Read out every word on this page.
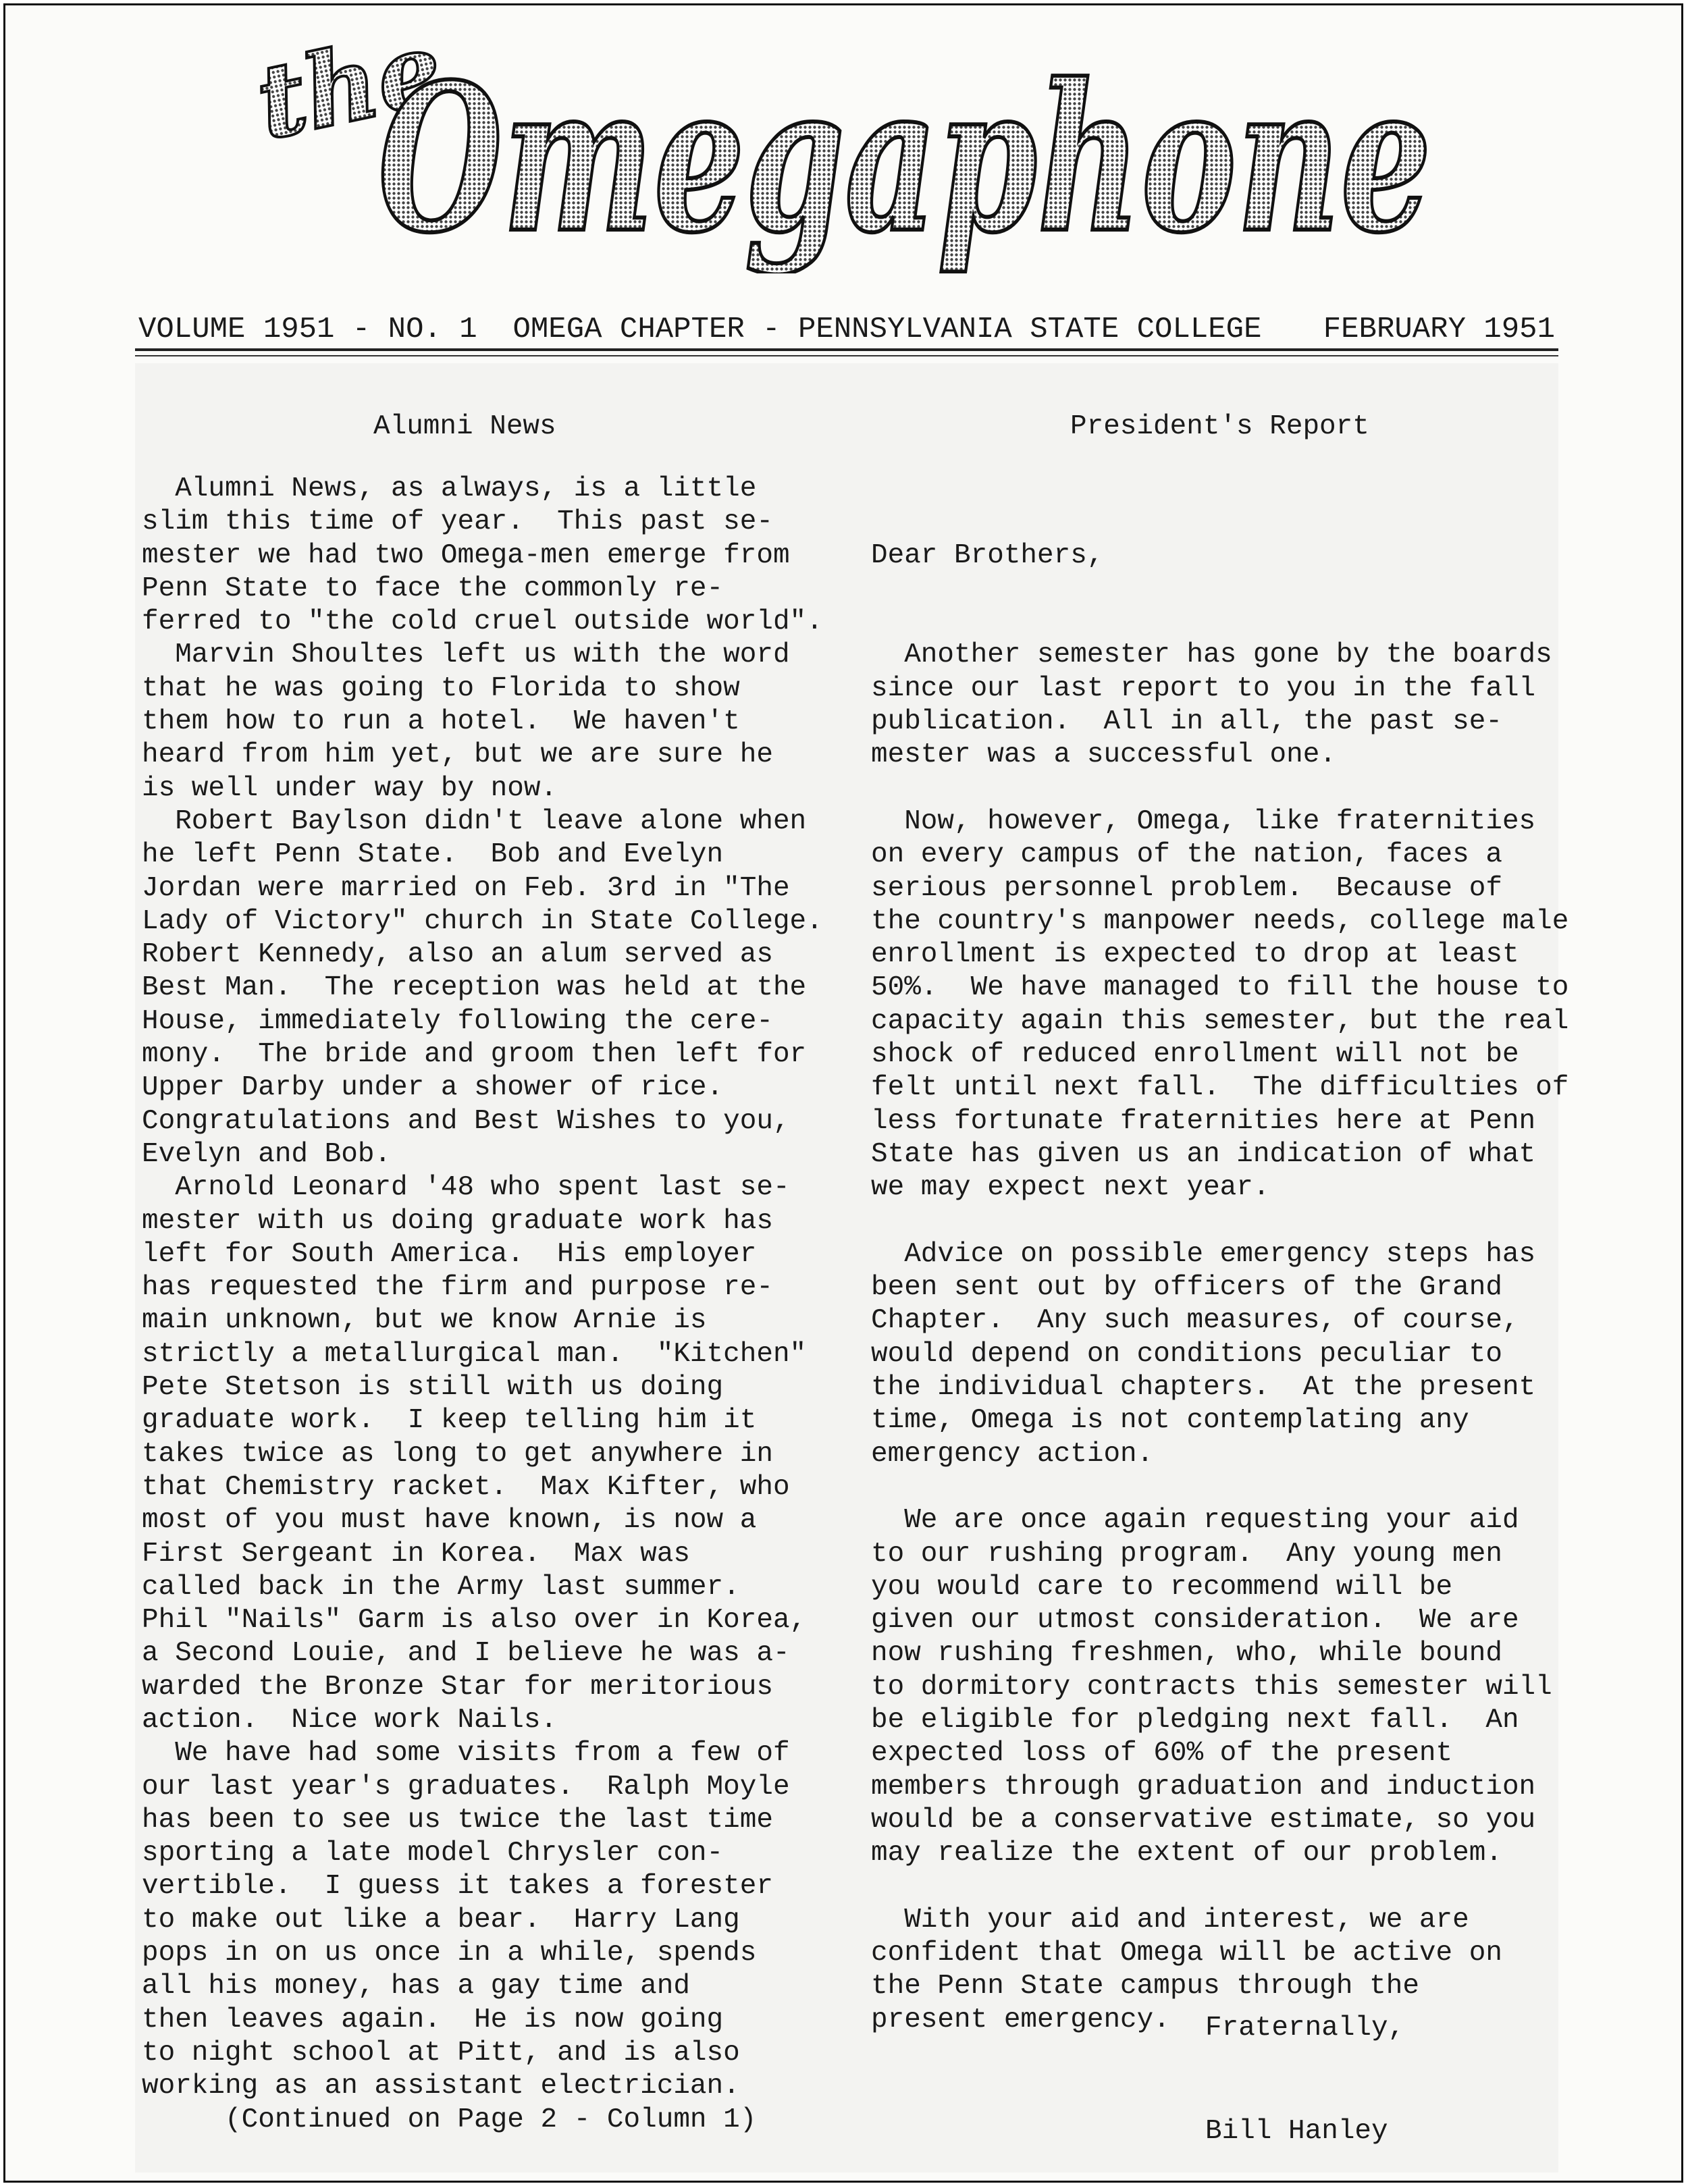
the
Omegaphone

VOLUME 1951 - NO. 1  OMEGA CHAPTER - PENNSYLVANIA STATE COLLEGE

FEBRUARY 1951

Alumni News	President's Report

Alumni News, as always, is a little

slim this time of year.  This past se-

mester we had two Omega-men emerge from

Penn State to face the commonly re-

ferred to "the cold cruel outside world".

Marvin Shoultes left us with the word

that he was going to Florida to show

them how to run a hotel.  We haven't

heard from him yet, but we are sure he

is well under way by now.

Robert Baylson didn't leave alone when

he left Penn State.  Bob and Evelyn

Jordan were married on Feb. 3rd in "The

Lady of Victory" church in State College.

Robert Kennedy, also an alum served as

Best Man.  The reception was held at the

House, immediately following the cere-

mony.  The bride and groom then left for

Upper Darby under a shower of rice.

Congratulations and Best Wishes to you,

Evelyn and Bob.

Arnold Leonard '48 who spent last se-

mester with us doing graduate work has

left for South America.  His employer

has requested the firm and purpose re-

main unknown, but we know Arnie is

strictly a metallurgical man.  "Kitchen"

Pete Stetson is still with us doing

graduate work.  I keep telling him it

takes twice as long to get anywhere in

that Chemistry racket.  Max Kifter, who

most of you must have known, is now a

First Sergeant in Korea.  Max was

called back in the Army last summer.

Phil "Nails" Garm is also over in Korea,

a Second Louie, and I believe he was a-

warded the Bronze Star for meritorious

action.  Nice work Nails.

We have had some visits from a few of

our last year's graduates.  Ralph Moyle

has been to see us twice the last time

sporting a late model Chrysler con-

vertible.  I guess it takes a forester

to make out like a bear.  Harry Lang

pops in on us once in a while, spends

all his money, has a gay time and

then leaves again.  He is now going

to night school at Pitt, and is also

working as an assistant electrician.

(Continued on Page 2 - Column 1)

Dear Brothers,

Another semester has gone by the boards

since our last report to you in the fall

publication.  All in all, the past se-

mester was a successful one.

Now, however, Omega, like fraternities

on every campus of the nation, faces a

serious personnel problem.  Because of

the country's manpower needs, college male

enrollment is expected to drop at least

50%.  We have managed to fill the house to

capacity again this semester, but the real

shock of reduced enrollment will not be

felt until next fall.  The difficulties of

less fortunate fraternities here at Penn

State has given us an indication of what

we may expect next year.

Advice on possible emergency steps has

been sent out by officers of the Grand

Chapter.  Any such measures, of course,

would depend on conditions peculiar to

the individual chapters.  At the present

time, Omega is not contemplating any

emergency action.

We are once again requesting your aid

to our rushing program.  Any young men

you would care to recommend will be

given our utmost consideration.  We are

now rushing freshmen, who, while bound

to dormitory contracts this semester will

be eligible for pledging next fall.  An

expected loss of 60% of the present

members through graduation and induction

would be a conservative estimate, so you

may realize the extent of our problem.

With your aid and interest, we are

confident that Omega will be active on

the Penn State campus through the

present emergency.	Fraternally,
Bill Hanley
